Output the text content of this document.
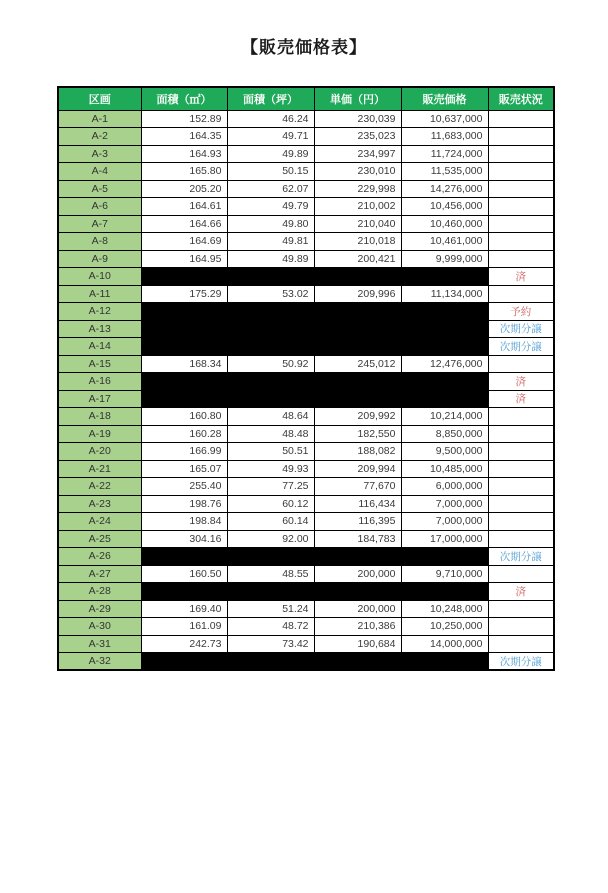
【販売価格表】
区画	面積（㎡）	面積（坪）	単価（円）	販売価格	販売状況
A-1	152.89	46.24	230,039	10,637,000	
A-2	164.35	49.71	235,023	11,683,000	
A-3	164.93	49.89	234,997	11,724,000	
A-4	165.80	50.15	230,010	11,535,000	
A-5	205.20	62.07	229,998	14,276,000	
A-6	164.61	49.79	210,002	10,456,000	
A-7	164.66	49.80	210,040	10,460,000	
A-8	164.69	49.81	210,018	10,461,000	
A-9	164.95	49.89	200,421	9,999,000	
A-10					済
A-11	175.29	53.02	209,996	11,134,000	
A-12					予約
A-13					次期分譲
A-14					次期分譲
A-15	168.34	50.92	245,012	12,476,000	
A-16					済
A-17					済
A-18	160.80	48.64	209,992	10,214,000	
A-19	160.28	48.48	182,550	8,850,000	
A-20	166.99	50.51	188,082	9,500,000	
A-21	165.07	49.93	209,994	10,485,000	
A-22	255.40	77.25	77,670	6,000,000	
A-23	198.76	60.12	116,434	7,000,000	
A-24	198.84	60.14	116,395	7,000,000	
A-25	304.16	92.00	184,783	17,000,000	
A-26					次期分譲
A-27	160.50	48.55	200,000	9,710,000	
A-28					済
A-29	169.40	51.24	200,000	10,248,000	
A-30	161.09	48.72	210,386	10,250,000	
A-31	242.73	73.42	190,684	14,000,000	
A-32					次期分譲
